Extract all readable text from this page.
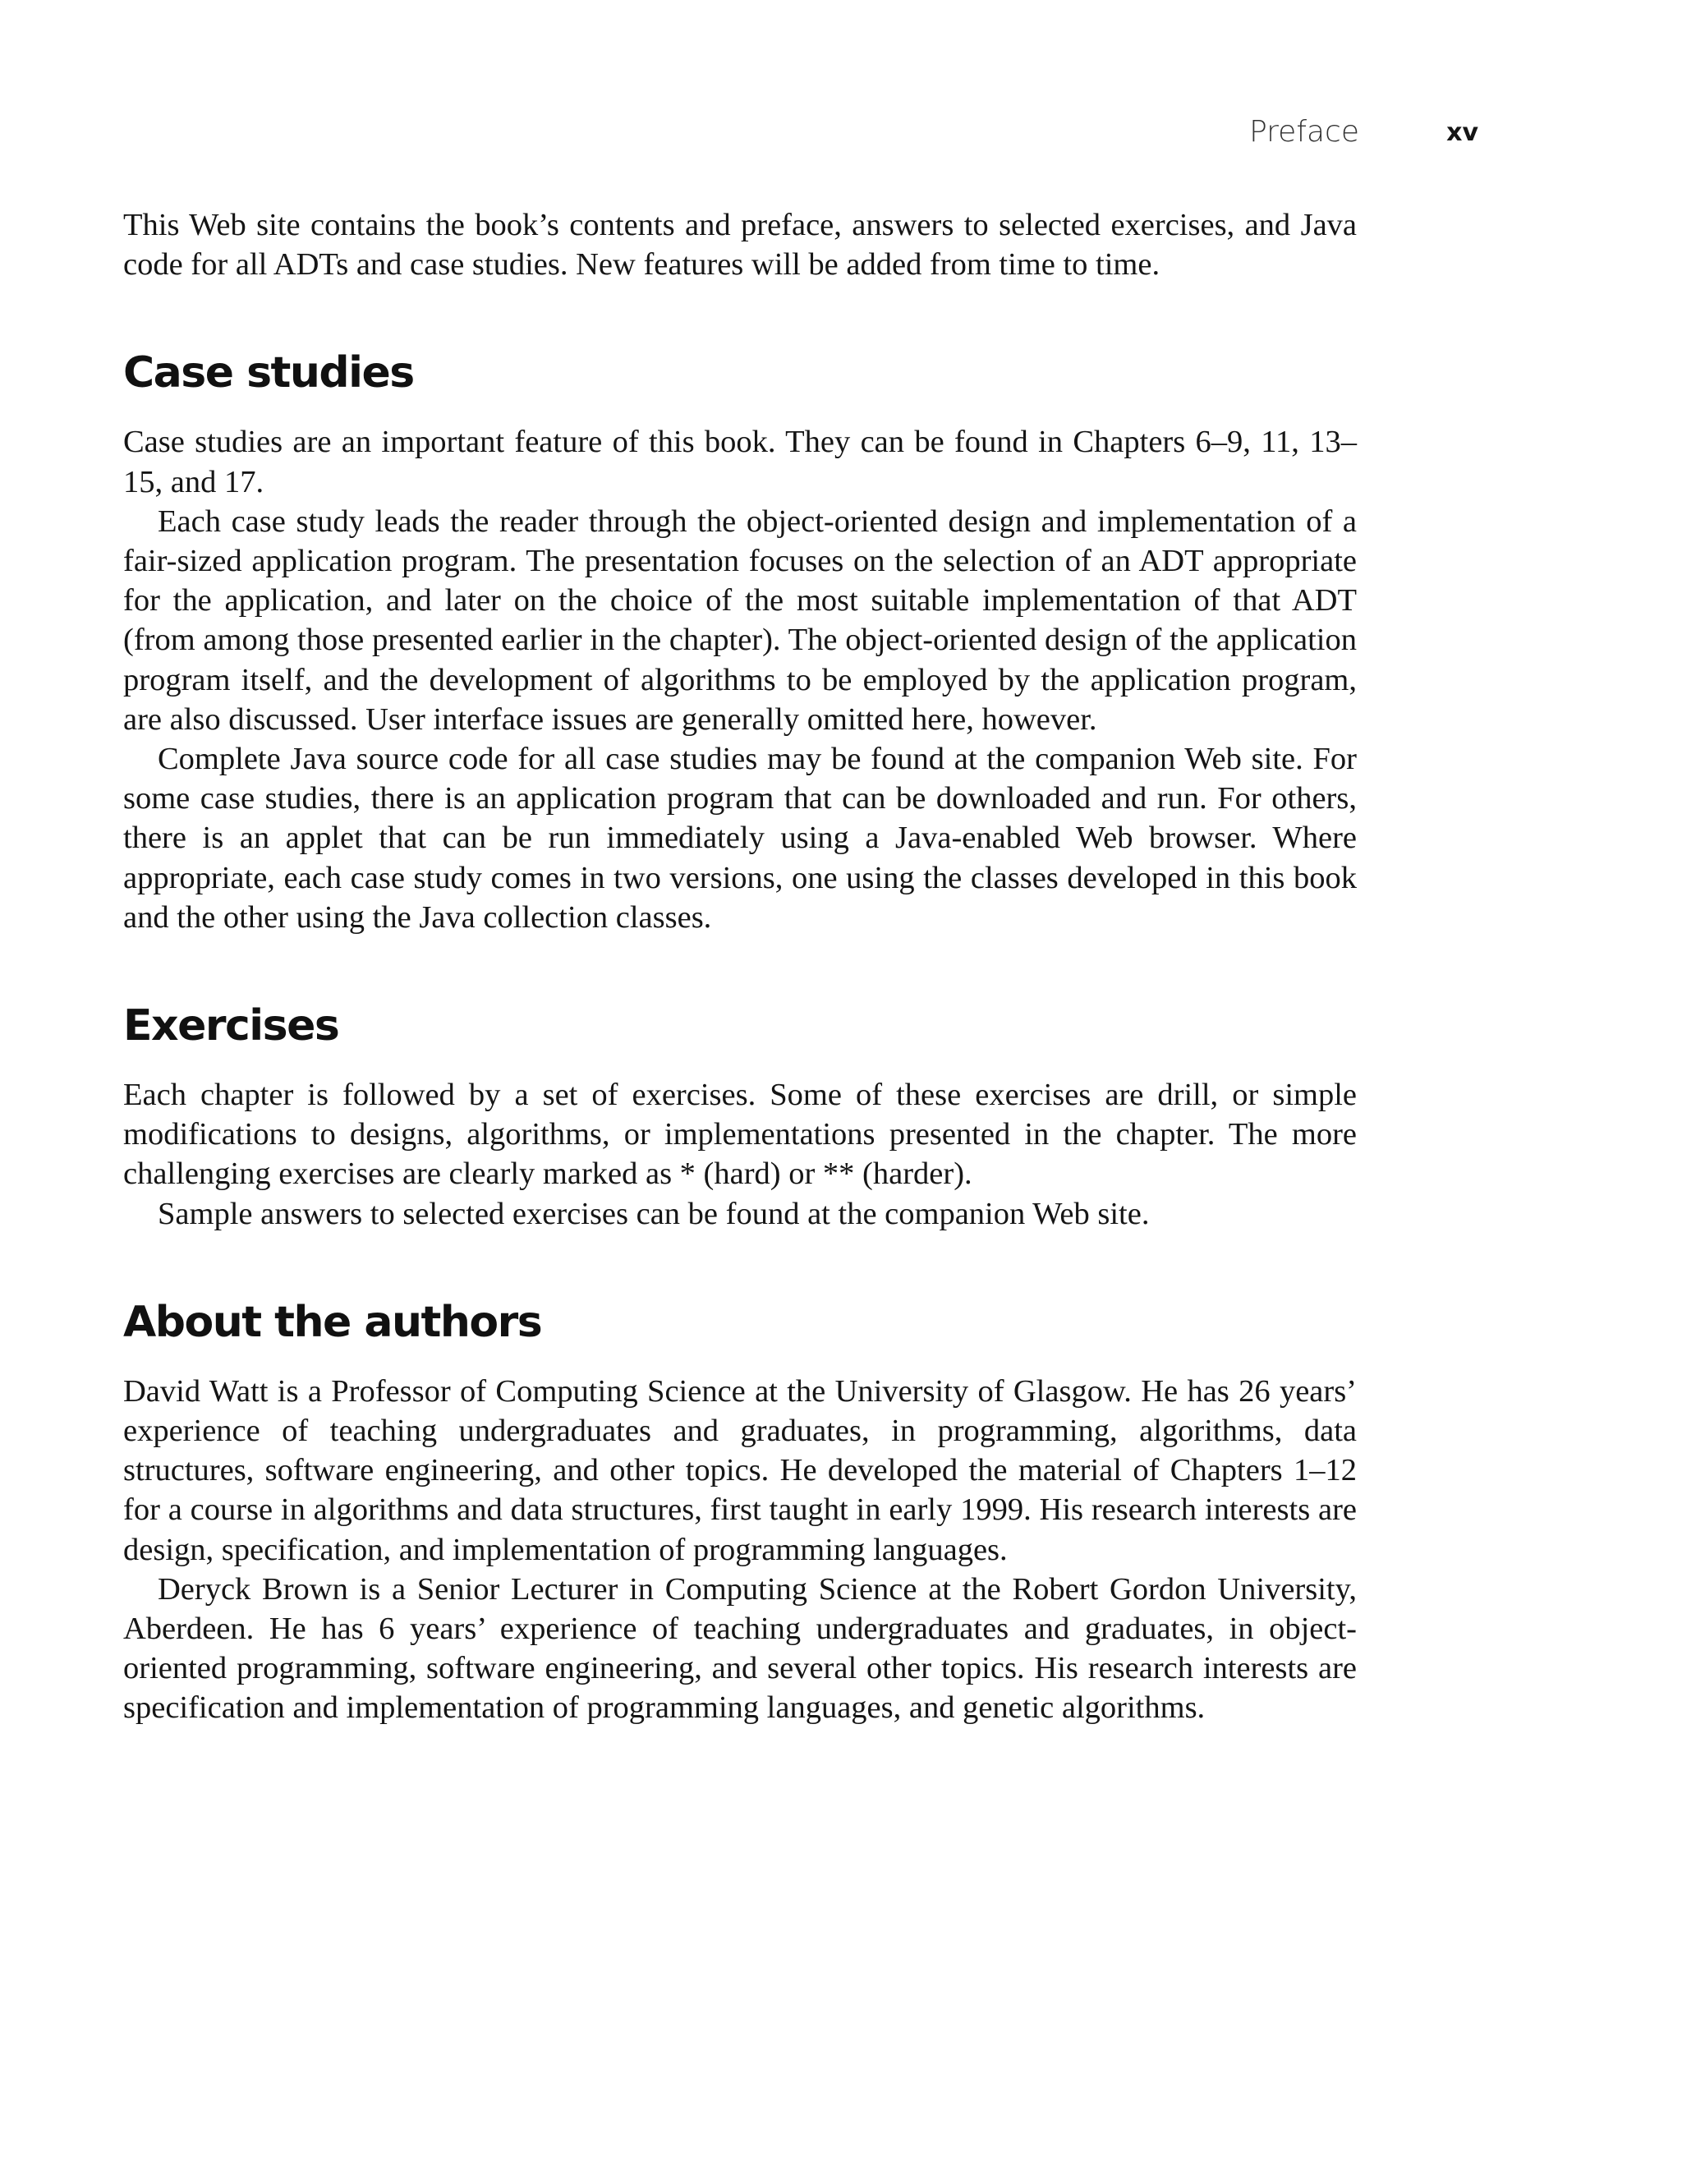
Preface	xv

This Web site contains the book’s contents and preface, answers to selected exercises, and Java code for all ADTs and case studies. New features will be added from time to time.

Case studies

Case studies are an important feature of this book. They can be found in Chapters 6–9, 11, 13–15, and 17.

Each case study leads the reader through the object-oriented design and implementation of a fair-sized application program. The presentation focuses on the selection of an ADT appropriate for the application, and later on the choice of the most suitable implementation of that ADT (from among those presented earlier in the chapter). The object-oriented design of the application program itself, and the development of algorithms to be employed by the application program, are also discussed. User interface issues are generally omitted here, however.

Complete Java source code for all case studies may be found at the companion Web site. For some case studies, there is an application program that can be downloaded and run. For others, there is an applet that can be run immediately using a Java-enabled Web browser. Where appropriate, each case study comes in two versions, one using the classes developed in this book and the other using the Java collection classes.

Exercises

Each chapter is followed by a set of exercises. Some of these exercises are drill, or simple modifications to designs, algorithms, or implementations presented in the chapter. The more challenging exercises are clearly marked as * (hard) or ** (harder).

Sample answers to selected exercises can be found at the companion Web site.

About the authors

David Watt is a Professor of Computing Science at the University of Glasgow. He has 26 years’ experience of teaching undergraduates and graduates, in programming, algorithms, data structures, software engineering, and other topics. He developed the material of Chapters 1–12 for a course in algorithms and data structures, first taught in early 1999. His research interests are design, specification, and implementation of programming languages.

Deryck Brown is a Senior Lecturer in Computing Science at the Robert Gordon University, Aberdeen. He has 6 years’ experience of teaching undergraduates and graduates, in object-oriented programming, software engineering, and several other topics. His research interests are specification and implementation of programming languages, and genetic algorithms.
